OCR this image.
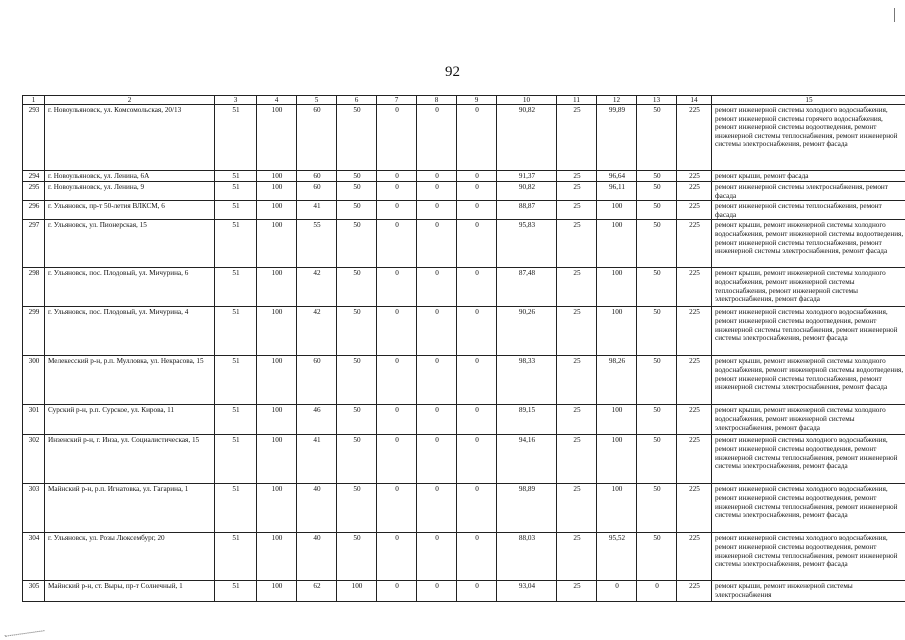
92
1	2	3	4	5	6	7	8	9	10	11	12	13	14	15
293	г. Новоульяновск, ул. Комсомольская, 20/13	51	100	60	50	0	0	0	90,82	25	99,89	50	225	ремонт инженерной системы холодного водоснабжения, ремонт инженерной системы горячего водоснабжения, ремонт инженерной системы водоотведения, ремонт инженерной системы теплоснабжения, ремонт инженерной системы электроснабжения, ремонт фасада
294	г. Новоульяновск, ул. Ленина, 6А	51	100	60	50	0	0	0	91,37	25	96,64	50	225	ремонт крыши, ремонт фасада
295	г. Новоульяновск, ул. Ленина, 9	51	100	60	50	0	0	0	90,82	25	96,11	50	225	ремонт инженерной системы электроснабжения, ремонт фасада
296	г. Ульяновск, пр-т 50-летия ВЛКСМ, 6	51	100	41	50	0	0	0	88,87	25	100	50	225	ремонт инженерной системы теплоснабжения, ремонт фасада
297	г. Ульяновск, ул. Пионерская, 15	51	100	55	50	0	0	0	95,83	25	100	50	225	ремонт крыши, ремонт инженерной системы холодного водоснабжения, ремонт инженерной системы водоотведения, ремонт инженерной системы теплоснабжения, ремонт инженерной системы электроснабжения, ремонт фасада
298	г. Ульяновск, пос. Плодовый, ул. Мичурина, 6	51	100	42	50	0	0	0	87,48	25	100	50	225	ремонт крыши, ремонт инженерной системы холодного водоснабжения, ремонт инженерной системы теплоснабжения, ремонт инженерной системы электроснабжения, ремонт фасада
299	г. Ульяновск, пос. Плодовый, ул. Мичурина, 4	51	100	42	50	0	0	0	90,26	25	100	50	225	ремонт инженерной системы холодного водоснабжения, ремонт инженерной системы водоотведения, ремонт инженерной системы теплоснабжения, ремонт инженерной системы электроснабжения, ремонт фасада
300	Мелекесский р-н, р.п. Мулловка, ул. Некрасова, 15	51	100	60	50	0	0	0	98,33	25	98,26	50	225	ремонт крыши, ремонт инженерной системы холодного водоснабжения, ремонт инженерной системы водоотведения, ремонт инженерной системы теплоснабжения, ремонт инженерной системы электроснабжения, ремонт фасада
301	Сурский р-н, р.п. Сурское, ул. Кирова, 11	51	100	46	50	0	0	0	89,15	25	100	50	225	ремонт крыши, ремонт инженерной системы холодного водоснабжения, ремонт инженерной системы электроснабжения, ремонт фасада
302	Инзенский р-н, г. Инза, ул. Социалистическая, 15	51	100	41	50	0	0	0	94,16	25	100	50	225	ремонт инженерной системы холодного водоснабжения, ремонт инженерной системы водоотведения, ремонт инженерной системы теплоснабжения, ремонт инженерной системы электроснабжения, ремонт фасада
303	Майнский р-н, р.п. Игнатовка, ул. Гагарина, 1	51	100	40	50	0	0	0	98,89	25	100	50	225	ремонт инженерной системы холодного водоснабжения, ремонт инженерной системы водоотведения, ремонт инженерной системы теплоснабжения, ремонт инженерной системы электроснабжения, ремонт фасада
304	г. Ульяновск, ул. Розы Люксембург, 20	51	100	40	50	0	0	0	88,03	25	95,52	50	225	ремонт инженерной системы холодного водоснабжения, ремонт инженерной системы водоотведения, ремонт инженерной системы теплоснабжения, ремонт инженерной системы электроснабжения, ремонт фасада
305	Майнский р-н, ст. Выры, пр-т Солнечный, 1	51	100	62	100	0	0	0	93,04	25	0	0	225	ремонт крыши, ремонт инженерной системы электроснабжения
